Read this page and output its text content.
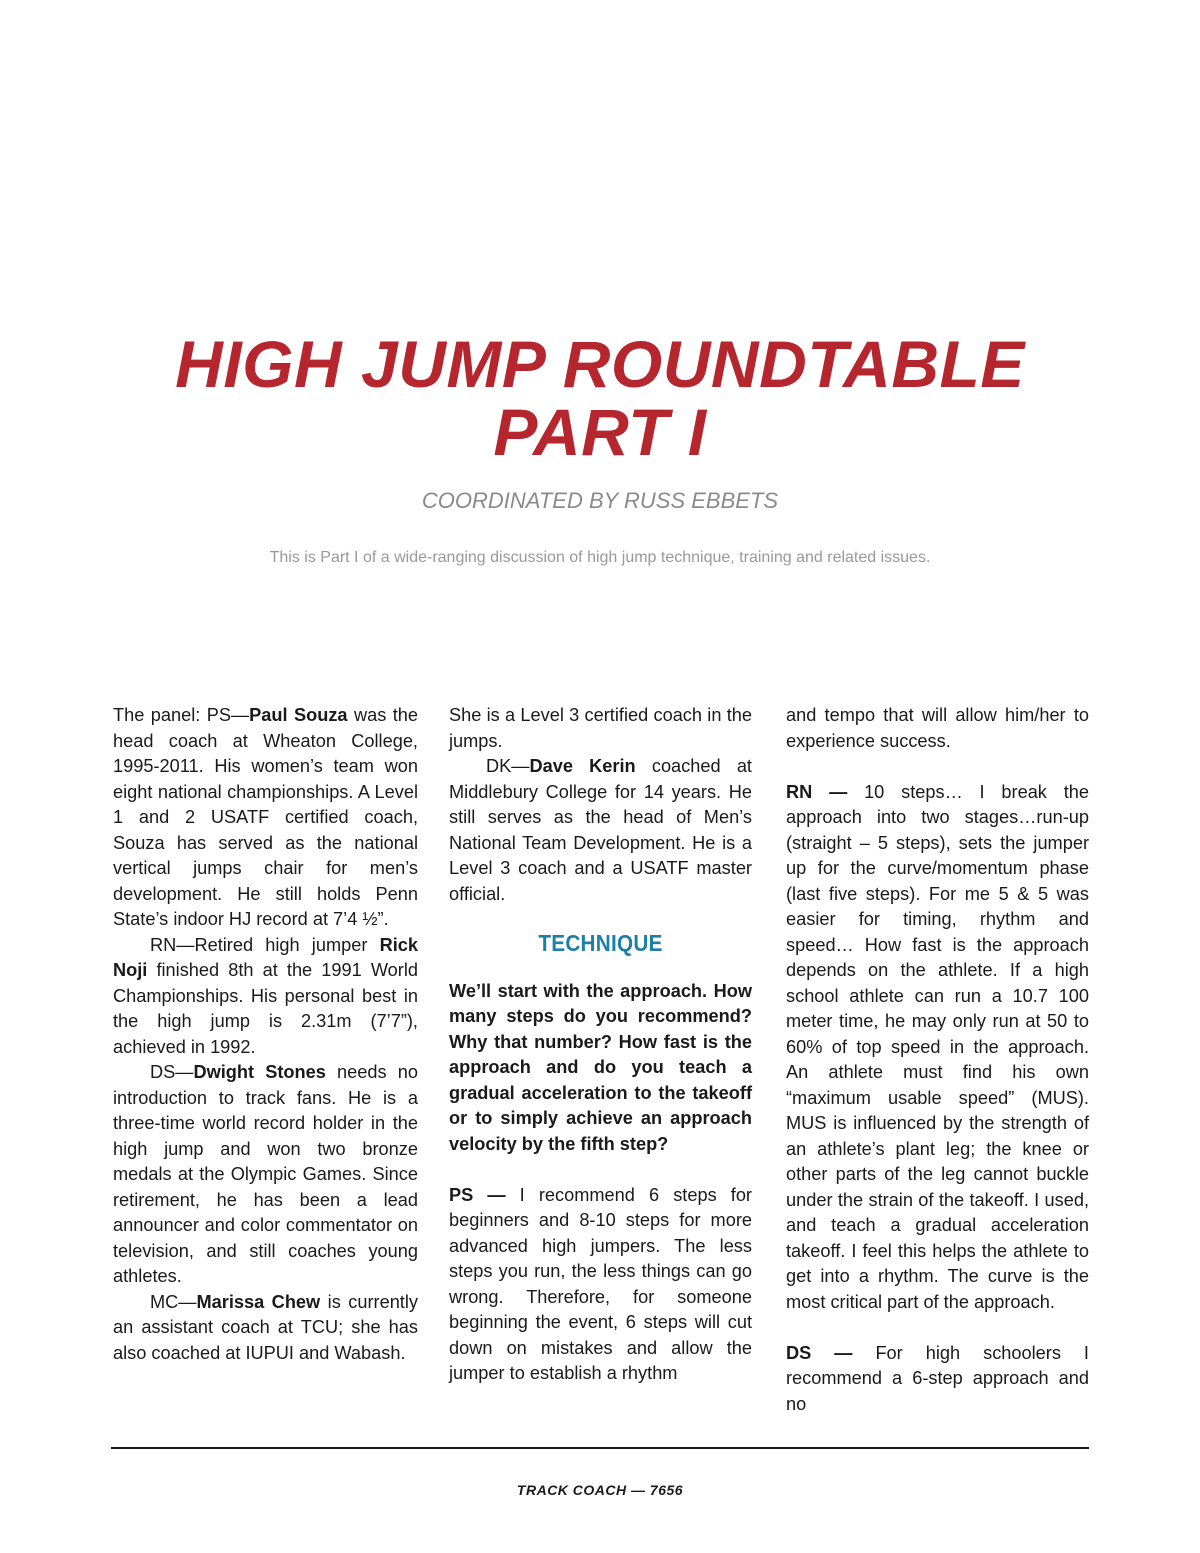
HIGH JUMP ROUNDTABLE
PART I
COORDINATED BY RUSS EBBETS
This is Part I of a wide-ranging discussion of high jump technique, training and related issues.

The panel: PS—Paul Souza was the head coach at Wheaton College, 1995-2011. His women’s team won eight national championships. A Level 1 and 2 USATF certified coach, Souza has served as the national vertical jumps chair for men’s development. He still holds Penn State’s indoor HJ record at 7’4 ½”.

RN—Retired high jumper Rick Noji finished 8th at the 1991 World Championships. His personal best in the high jump is 2.31m (7’7”), achieved in 1992.

DS—Dwight Stones needs no introduction to track fans. He is a three-time world record holder in the high jump and won two bronze medals at the Olympic Games. Since retirement, he has been a lead announcer and color commentator on television, and still coaches young athletes.

MC—Marissa Chew is currently an assistant coach at TCU; she has also coached at IUPUI and Wabash.

She is a Level 3 certified coach in the jumps.

DK—Dave Kerin coached at Middlebury College for 14 years. He still serves as the head of Men’s National Team Development. He is a Level 3 coach and a USATF master official.

TECHNIQUE

We’ll start with the approach. How many steps do you recommend? Why that number? How fast is the approach and do you teach a gradual acceleration to the takeoff or to simply achieve an approach velocity by the fifth step?

PS — I recommend 6 steps for beginners and 8-10 steps for more advanced high jumpers. The less steps you run, the less things can go wrong. Therefore, for someone beginning the event, 6 steps will cut down on mistakes and allow the jumper to establish a rhythm

and tempo that will allow him/her to experience success.

RN — 10 steps… I break the approach into two stages…run-up (straight – 5 steps), sets the jumper up for the curve/momentum phase (last five steps). For me 5 & 5 was easier for timing, rhythm and speed… How fast is the approach depends on the athlete. If a high school athlete can run a 10.7 100 meter time, he may only run at 50 to 60% of top speed in the approach. An athlete must find his own “maximum usable speed” (MUS). MUS is influenced by the strength of an athlete’s plant leg; the knee or other parts of the leg cannot buckle under the strain of the takeoff. I used, and teach a gradual acceleration takeoff. I feel this helps the athlete to get into a rhythm. The curve is the most critical part of the approach.

DS — For high schoolers I recommend a 6-step approach and no

TRACK COACH — 7656
